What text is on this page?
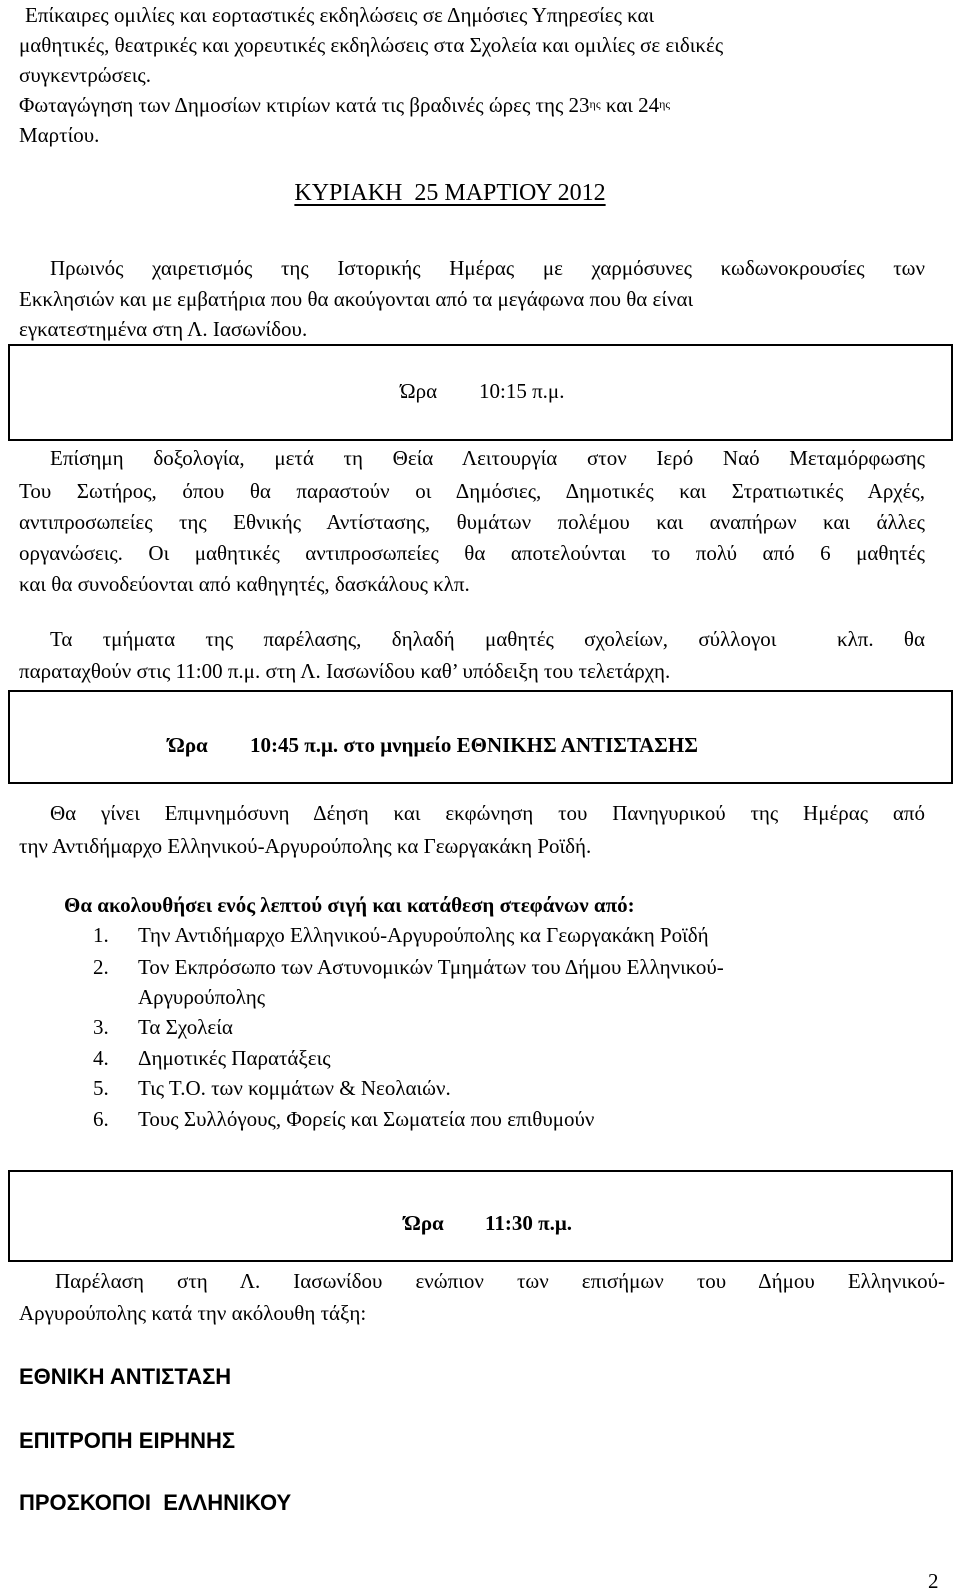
Επίκαιρες ομιλίες και εορταστικές εκδηλώσεις σε Δημόσιες Υπηρεσίες και
μαθητικές, θεατρικές και χορευτικές εκδηλώσεις στα Σχολεία και ομιλίες σε ειδικές
συγκεντρώσεις.
Φωταγώγηση των Δημοσίων κτιρίων κατά τις βραδινές ώρες της $23^{\eta\varsigma}$ και $24^{\eta\varsigma}$
Μαρτίου.
ΚΥΡΙΑΚΗ  25 ΜΑΡΤΙΟΥ 2012
Πρωινός χαιρετισμός της Ιστορικής Ημέρας με χαρμόσυνες κωδωνοκρουσίες των
Εκκλησιών και με εμβατήρια που θα ακούγονται από τα μεγάφωνα που θα είναι
εγκατεστημένα στη Λ. Ιασωνίδου.
Ώρα 10:15 π.μ.
Επίσημη δοξολογία, μετά τη Θεία Λειτουργία στον Ιερό Ναό Μεταμόρφωσης
Του Σωτήρος, όπου θα παραστούν οι Δημόσιες, Δημοτικές και Στρατιωτικές Αρχές,
αντιπροσωπείες της Εθνικής Αντίστασης, θυμάτων πολέμου και αναπήρων και άλλες
οργανώσεις. Οι μαθητικές αντιπροσωπείες θα αποτελούνται το πολύ από 6 μαθητές
και θα συνοδεύονται από καθηγητές, δασκάλους κλπ.
Τα τμήματα της παρέλασης, δηλαδή μαθητές σχολείων, σύλλογοι  κλπ. θα
παραταχθούν στις 11:00 π.μ. στη Λ. Ιασωνίδου καθ’ υπόδειξη του τελετάρχη.
Ώρα 10:45 π.μ. στο μνημείο ΕΘΝΙΚΗΣ ΑΝΤΙΣΤΑΣΗΣ
Θα γίνει Επιμνημόσυνη Δέηση και εκφώνηση του Πανηγυρικού της Ημέρας από
την Αντιδήμαρχο Ελληνικού-Αργυρούπολης κα Γεωργακάκη Ροϊδή.
Θα ακολουθήσει ενός λεπτού σιγή και κατάθεση στεφάνων από:
1.	Την Αντιδήμαρχο Ελληνικού-Αργυρούπολης κα Γεωργακάκη Ροϊδή
2.	Τον Εκπρόσωπο των Αστυνομικών Τμημάτων του Δήμου Ελληνικού-
Αργυρούπολης
3.	Τα Σχολεία
4.	Δημοτικές Παρατάξεις
5.	Τις Τ.Ο. των κομμάτων & Νεολαιών.
6.	Τους Συλλόγους, Φορείς και Σωματεία που επιθυμούν
Ώρα 11:30 π.μ.
Παρέλαση στη Λ. Ιασωνίδου ενώπιον των επισήμων του Δήμου Ελληνικού-
Αργυρούπολης κατά την ακόλουθη τάξη:
ΕΘΝΙΚΗ ΑΝΤΙΣΤΑΣΗ
ΕΠΙΤΡΟΠΗ ΕΙΡΗΝΗΣ
ΠΡΟΣΚΟΠΟΙ  ΕΛΛΗΝΙΚΟΥ
2
